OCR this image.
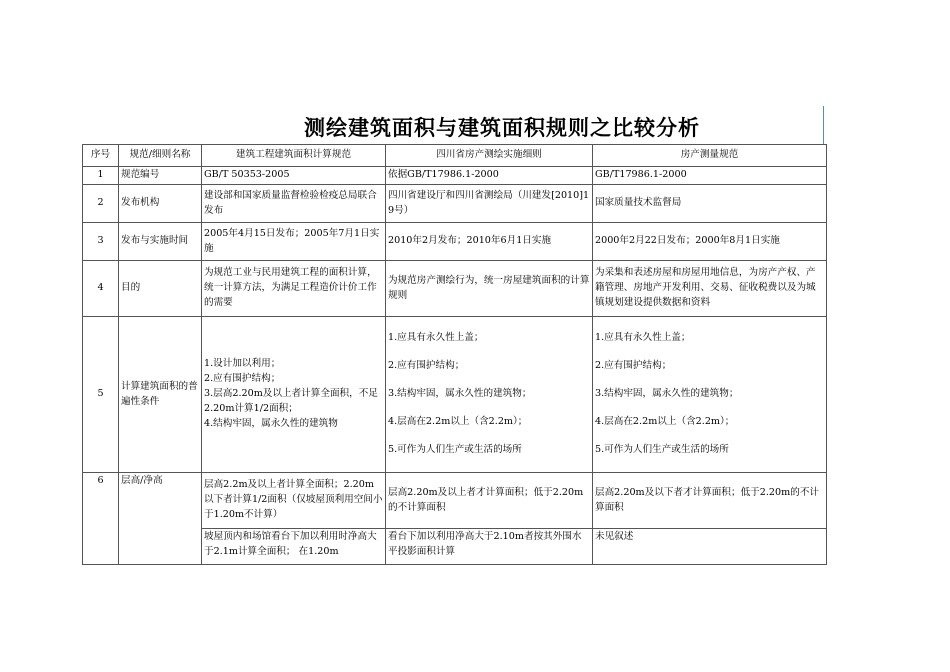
测绘建筑面积与建筑面积规则之比较分析
序号	规范/细则名称	建筑工程建筑面积计算规范	四川省房产测绘实施细则	房产测量规范
1	规范编号	GB/T 50353-2005	依据GB/T17986.1-2000	GB/T17986.1-2000
2	发布机构	建设部和国家质量监督检验检疫总局联合发布	四川省建设厅和四川省测绘局（川建发[2010]19号）	国家质量技术监督局
3	发布与实施时间	2005年4月15日发布；2005年7月1日实施	2010年2月发布；2010年6月1日实施	2000年2月22日发布；2000年8月1日实施
4	目的	为规范工业与民用建筑工程的面积计算，统一计算方法，为满足工程造价计价工作的需要	为规范房产测绘行为，统一房屋建筑面积的计算规则	为采集和表述房屋和房屋用地信息，为房产产权、产籍管理、房地产开发利用、交易、征收税费以及为城镇规划建设提供数据和资料
5	计算建筑面积的普遍性条件	1.设计加以利用；
2.应有围护结构；
3.层高2.20m及以上者计算全面积，不足2.20m计算1/2面积；
4.结构牢固，属永久性的建筑物	1.应具有永久性上盖；
2.应有围护结构；
3.结构牢固，属永久性的建筑物；
4.层高在2.2m以上（含2.2m）；
5.可作为人们生产或生活的场所	1.应具有永久性上盖；
2.应有围护结构；
3.结构牢固，属永久性的建筑物；
4.层高在2.2m以上（含2.2m）；
5.可作为人们生产或生活的场所

6	层高/净高	层高2.2m及以上者计算全面积；2.20m以下者计算1/2面积（仅坡屋顶利用空间小于1.20m不计算）	层高2.20m及以上者才计算面积；低于2.20m的不计算面积	层高2.20m及以下者才计算面积；低于2.20m的不计算面积
		坡屋顶内和场馆看台下加以利用时净高大于2.1m计算全面积； 在1.20m	看台下加以利用净高大于2.10m者按其外围水平投影面积计算	未见叙述
